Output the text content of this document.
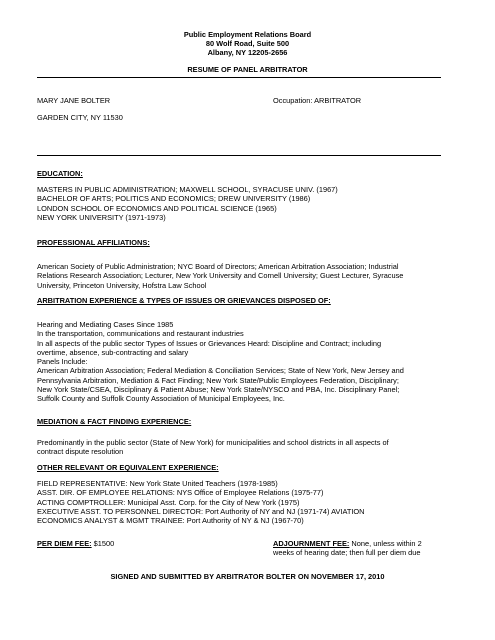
Public Employment Relations Board
80 Wolf Road, Suite 500
Albany, NY 12205-2656
RESUME OF PANEL ARBITRATOR
MARY JANE BOLTER	Occupation: ARBITRATOR
GARDEN CITY, NY 11530
EDUCATION:
MASTERS IN PUBLIC ADMINISTRATION; MAXWELL SCHOOL, SYRACUSE UNIV. (1967)
BACHELOR OF ARTS; POLITICS AND ECONOMICS; DREW UNIVERSITY (1986)
LONDON SCHOOL OF ECONOMICS AND POLITICAL SCIENCE (1965)
NEW YORK UNIVERSITY (1971-1973)
PROFESSIONAL AFFILIATIONS:
American Society of Public Administration; NYC Board of Directors; American Arbitration Association; Industrial
Relations Research Association; Lecturer, New York University and Cornell University; Guest Lecturer, Syracuse
University, Princeton University, Hofstra Law School
ARBITRATION EXPERIENCE & TYPES OF ISSUES OR GRIEVANCES DISPOSED OF:
Hearing and Mediating Cases Since 1985
In the transportation, communications and restaurant industries
In all aspects of the public sector Types of Issues or Grievances Heard: Discipline and Contract; including
overtime, absence, sub-contracting and salary
Panels Include:
American Arbitration Association; Federal Mediation & Conciliation Services; State of New York, New Jersey and
Pennsylvania Arbitration, Mediation & Fact Finding; New York State/Public Employees Federation, Disciplinary;
New York State/CSEA, Disciplinary & Patient Abuse; New York State/NYSCO and PBA, Inc. Disciplinary Panel;
Suffolk County and Suffolk County Association of Municipal Employees, Inc.
MEDIATION & FACT FINDING EXPERIENCE:
Predominantly in the public sector (State of New York) for municipalities and school districts in all aspects of
contract dispute resolution
OTHER RELEVANT OR EQUIVALENT EXPERIENCE:
FIELD REPRESENTATIVE: New York State United Teachers (1978-1985)
ASST. DIR. OF EMPLOYEE RELATIONS: NYS Office of Employee Relations (1975-77)
ACTING COMPTROLLER: Municipal Asst. Corp. for the City of New York (1975)
EXECUTIVE ASST. TO PERSONNEL DIRECTOR: Port Authority of NY and NJ (1971-74) AVIATION
ECONOMICS ANALYST & MGMT TRAINEE: Port Authority of NY & NJ (1967-70)
PER DIEM FEE: $1500	ADJOURNMENT FEE: None, unless within 2
weeks of hearing date; then full per diem due
SIGNED AND SUBMITTED BY ARBITRATOR BOLTER ON NOVEMBER 17, 2010
